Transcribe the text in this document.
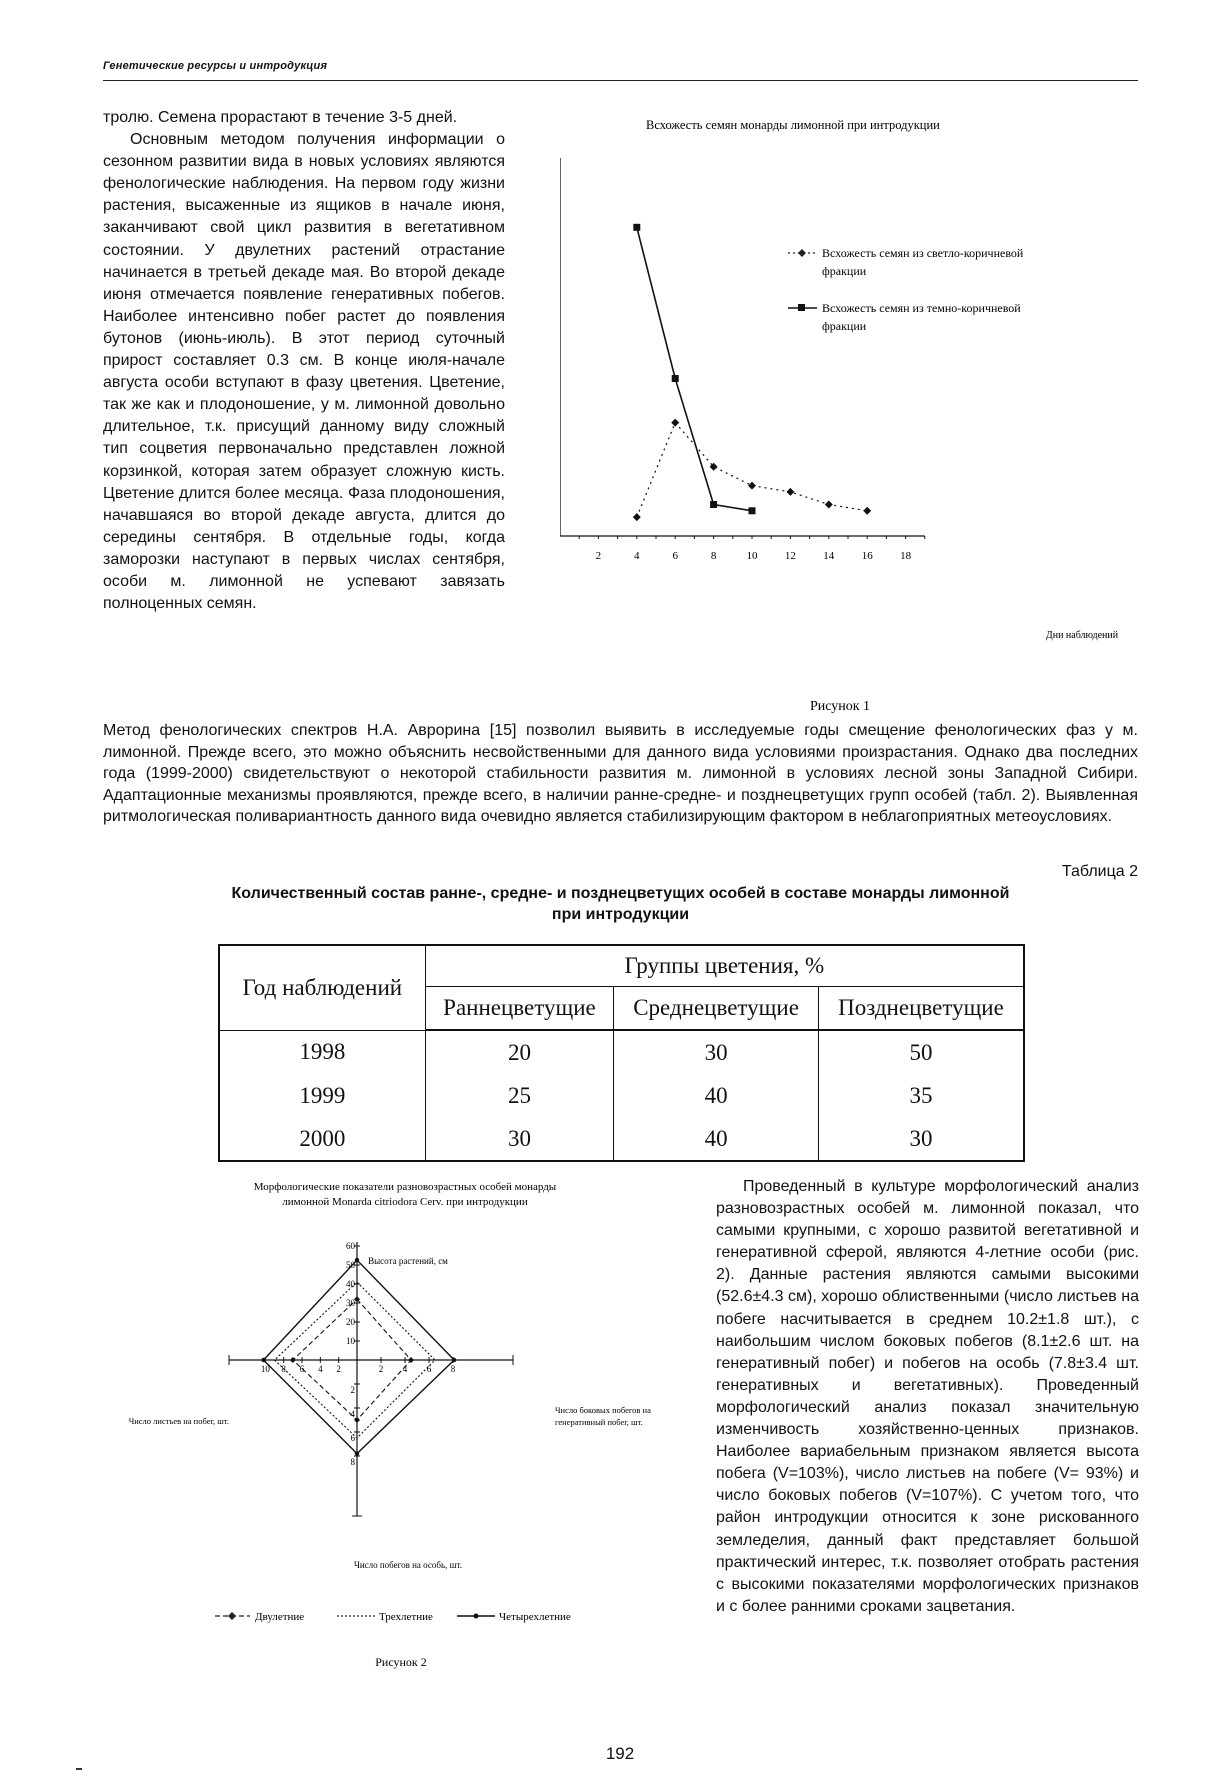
Генетические ресурсы и интродукция

тролю. Семена прорастают в течение 3-5 дней.

Основным методом получения информации о сезонном развитии вида в новых условиях являются фенологические наблюдения. На первом году жизни растения, высаженные из ящиков в начале июня, заканчивают свой цикл развития в вегетативном состоянии. У двулетних растений отрастание начинается в третьей декаде мая. Во второй декаде июня отмечается появление генеративных побегов. Наиболее интенсивно побег растет до появления бутонов (июнь-июль). В этот период суточный прирост составляет 0.3 см. В конце июля-начале августа особи вступают в фазу цветения. Цветение, так же как и плодоношение, у м. лимонной довольно длительное, т.к. присущий данному виду сложный тип соцветия первоначально представлен ложной корзинкой, которая затем образует сложную кисть. Цветение длится более месяца. Фаза плодоношения, начавшаяся во второй декаде августа, длится до середины сентября. В отдельные годы, когда заморозки наступают в первых числах сентября, особи м. лимонной не успевают завязать полноценных семян.

Всхожесть семян монарды лимонной при интродукции
2	4	6	8	10 12 14 16 18
Дни наблюдений
Всхожесть семян из светло-коричневой
фракции
Всхожесть семян из темно-коричневой
фракции
Рисунок 1
Метод фенологических спектров Н.А. Аврорина [15] позволил выявить в исследуемые годы смещение фенологических фаз у м. лимонной. Прежде всего, это можно объяснить несвойственными для данного вида условиями произрастания. Однако два последних года (1999-2000) свидетельствуют о некоторой стабильности развития м. лимонной в условиях лесной зоны Западной Сибири. Адаптационные механизмы проявляются, прежде всего, в наличии ранне-средне- и позднецветущих групп особей (табл. 2). Выявленная ритмологическая поливариантность данного вида очевидно является стабилизирующим фактором в неблагоприятных метеоусловиях.
Таблица 2
Количественный состав ранне-, средне- и позднецветущих особей в составе монарды лимонной
при интродукции
Год наблюдений	Группы цветения, %		
	Раннецветущие	Среднецветущие	Позднецветущие
1998	20	30	50
1999	25	40	35
2000	30	40	30
Морфологические показатели разновозрастных особей монарды
лимонной Monarda citriodora Cerv. при интродукции
10
20
30
40
50
60
2 4 6 8
2
4
6
8
2
4
6
8
10
Высота растений, см
Число боковых побегов на
генеративный побег, шт.
Число побегов на особь, шт.
Число листьев на побег, шт.
Двулетние	Трехлетние	Четырехлетние
Рисунок 2

Проведенный в культуре морфологический анализ разновозрастных особей м. лимонной показал, что самыми крупными, с хорошо развитой вегетативной и генеративной сферой, являются 4-летние особи (рис. 2). Данные растения являются самыми высокими (52.6±4.3 см), хорошо облиственными (число листьев на побеге насчитывается в среднем 10.2±1.8 шт.), с наибольшим числом боковых побегов (8.1±2.6 шт. на генеративный побег) и побегов на особь (7.8±3.4 шт. генеративных и вегетативных). Проведенный морфологический анализ показал значительную изменчивость хозяйственно-ценных признаков. Наиболее вариабельным признаком является высота побега (V=103%), число листьев на побеге (V= 93%) и число боковых побегов (V=107%). С учетом того, что район интродукции относится к зоне рискованного земледелия, данный факт представляет большой практический интерес, т.к. позволяет отобрать растения с высокими показателями морфологических признаков и с более ранними сроками зацветания.

192
